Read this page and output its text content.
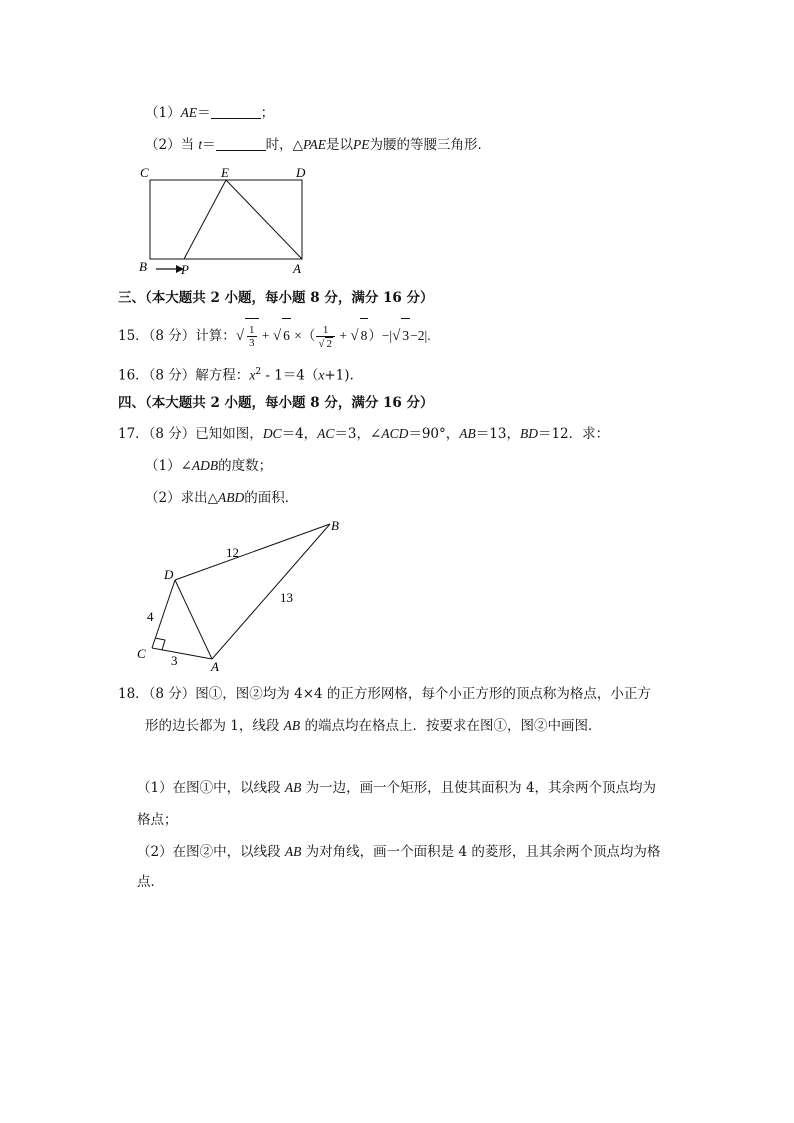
（1）AE＝	；
（2）当 t＝	时，△PAE是以PE为腰的等腰三角形．
C	E	D
B	P	A
三、（本大题共 2 小题，每小题 8 分，满分 16 分）
15．（8 分）计算：√ $\frac{1}{3}$ + √ 6 ×（ $\frac{1}{√ 2}$ + √ 8）−|√ 3−2|.
16．（8 分）解方程：$x^2 - 1=4(x+1)$.
四、（本大题共 2 小题，每小题 8 分，满分 16 分）
17．（8 分）已知如图，DC＝4，AC＝3，∠ACD＝90°，AB＝13，BD＝12．求：
（1）∠ADB的度数；
（2）求出△ABD的面积．
B
D
C
A
12
13
4
3
18．（8 分）图①，图②均为 4×4 的正方形网格，每个小正方形的顶点称为格点，小正方
形的边长都为 1，线段 AB 的端点均在格点上．按要求在图①，图②中画图．
（1）在图①中，以线段 AB 为一边，画一个矩形，且使其面积为 4，其余两个顶点均为
格点；
（2）在图②中，以线段 AB 为对角线，画一个面积是 4 的菱形，且其余两个顶点均为格
点．
